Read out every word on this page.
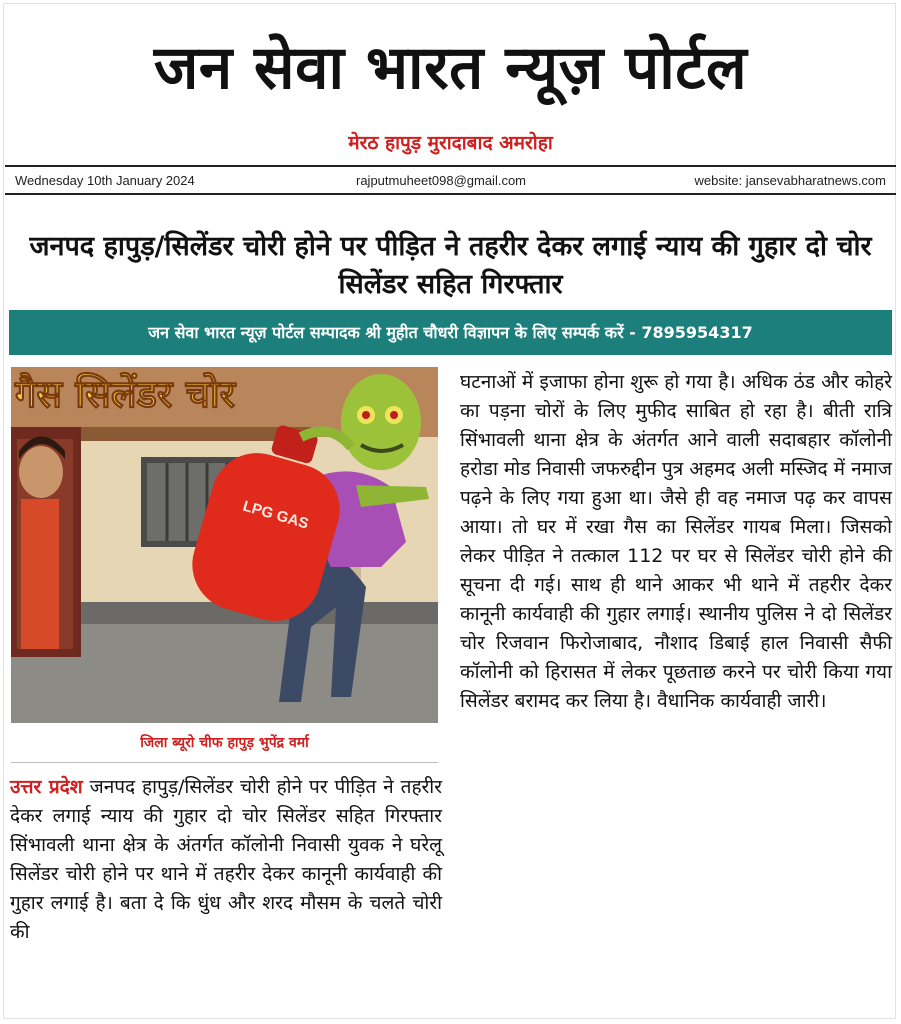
जन सेवा भारत न्यूज़ पोर्टल
मेरठ हापुड़ मुरादाबाद अमरोहा
Wednesday 10th January 2024	rajputmuheet098@gmail.com	website: jansevabharatnews.com
जनपद हापुड़/सिलेंडर चोरी होने पर पीड़ित ने तहरीर देकर लगाई न्याय की गुहार दो चोर सिलेंडर सहित गिरफ्तार
जन सेवा भारत न्यूज़ पोर्टल सम्पादक श्री मुहीत चौधरी विज्ञापन के लिए सम्पर्क करें - 7895954317
LPG GAS
गैस सिलेंडर चोर
जिला ब्यूरो चीफ हापुड़ भुपेंद्र वर्मा
उत्तर प्रदेश जनपद हापुड़/सिलेंडर चोरी होने पर पीड़ित ने तहरीर देकर लगाई न्याय की गुहार दो चोर सिलेंडर सहित गिरफ्तार सिंभावली थाना क्षेत्र के अंतर्गत कॉलोनी निवासी युवक ने घरेलू सिलेंडर चोरी होने पर थाने में तहरीर देकर कानूनी कार्यवाही की गुहार लगाई है। बता दे कि धुंध और शरद मौसम के चलते चोरी की
घटनाओं में इजाफा होना शुरू हो गया है। अधिक ठंड और कोहरे का पड़ना चोरों के लिए मुफीद साबित हो रहा है। बीती रात्रि सिंभावली थाना क्षेत्र के अंतर्गत आने वाली सदाबहार कॉलोनी हरोडा मोड निवासी जफरुद्दीन पुत्र अहमद अली मस्जिद में नमाज पढ़ने के लिए गया हुआ था। जैसे ही वह नमाज पढ़ कर वापस आया। तो घर में रखा गैस का सिलेंडर गायब मिला। जिसको लेकर पीड़ित ने तत्काल 112 पर घर से सिलेंडर चोरी होने की सूचना दी गई। साथ ही थाने आकर भी थाने में तहरीर देकर कानूनी कार्यवाही की गुहार लगाई। स्थानीय पुलिस ने दो सिलेंडर चोर रिजवान फिरोजाबाद, नौशाद डिबाई हाल निवासी सैफी कॉलोनी को हिरासत में लेकर पूछताछ करने पर चोरी किया गया सिलेंडर बरामद कर लिया है। वैधानिक कार्यवाही जारी।
